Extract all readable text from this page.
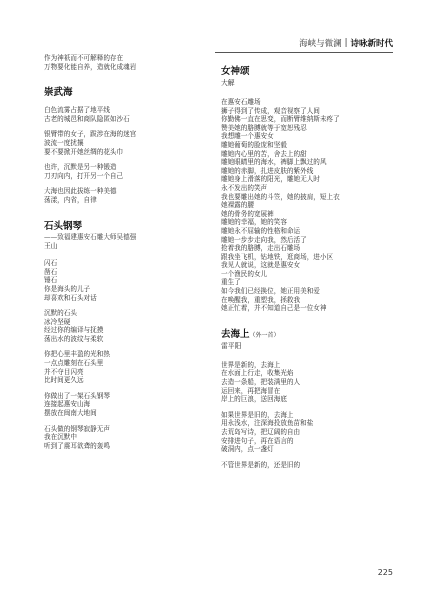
海峡与微澜 | 诗咏新时代
作为神祇而不可解释的存在
万物要化能自养，造就化成魂岩
崇武海
白色流雾占据了地平线
古老的城邑和商队隐匿如沙石
银臂带的女子，跋涉在海的迷宫
波流一度扰攘
要不要掀开她丝绸的花头巾
也许，沉默是另一种锻造
刀刃向内，打开另一个自己
大海也因此拔练一种美德
荡漾，内省，自律
石头钢琴
——致福建惠安石雕大师吴德强
王山
闪石
凿石
锤石
你是海头的儿子
却喜欢和石头对话
沉默的石头
冰冷坚硬
经过你的编译与抚摸
荡出水的波纹与柔软
你把心里丰盈的光和热
一点点雕刻在石头里
并不夺目闪亮
比时间更久远
你做出了一架石头钢琴
连接起惠安山海
摆放在闽南大地间
石头做的钢琴寂静无声
我在沉默中
听到了震耳欲聋的轰鸣
女神颂
大解
在惠安石雕场
狮子得到了传成，观音视察了人间
你勤佛一直在思变，而断臂维纳斯未疼了
赞美她的胳膊就等于宽恕残忍
我想雕一个惠安女
雕她葡萄的脸庞和坚毅
雕她内心里的苦，舍去上的甜
雕她眼睛里的海水，裤脚上飘过的风
雕她的赤脚，扎进皮肤的紫外线
雕她身上滑落的阳光，雕她无人时
永不发出的笑声
我也要雕出她的斗笠，她的披肩，短上衣
她裸露的腰
她的骨务的宽展裤
雕她的幸福，她的笑容
雕她永不屈输的性格和命运
雕她一步步走向我，然后活了
抢着我的胳膊，走出石雕场
跟我坐飞机，钻地铁，逛商场，进小区
我见人就说，这就是惠安女
一个渔民的女儿
重生了
如今我们已经换位，她正用美和爱
在唤醒我，重塑我，拯救我
她正忙着，并不知道自己是一位女神
去海上（外一首）
雷平阳
世界是新的，去海上
在水面上行走，收集光焰
去造一条船，把装满里的人
运回来，再把海冒在
岸上的巨浪，送回海底
如果世界是旧的，去海上
用永浅水，注深海投放鱼苗和盐
去荒岛写诗，把辽阔的自由
安排进句子，再在语言的
破洞内，点一盏灯
不管世界是新的，还是旧的
225
